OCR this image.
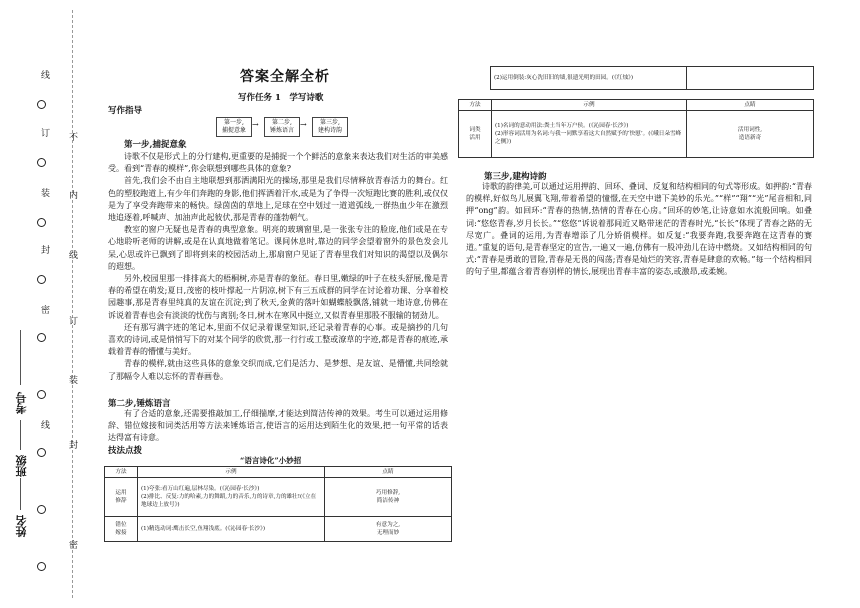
线
订
装
封
密
线
不
内
线
订
装
封
密
考号
班级
姓名
答案全解全析
写作任务 1　学写诗歌
写作指导
第一步,
捕捉意象
→	第二步,
锤炼语言
→	第三步,
建构诗韵
第一步,捕捉意象

诗歌不仅是形式上的分行建构,更重要的是捕捉一个个鲜活的意象来表达我们对生活的审美感受。看到“青春的模样”,你会联想到哪些具体的意象?

首先,我们会不由自主地联想到那洒满阳光的操场,那里是我们尽情释放青春活力的舞台。红色的塑胶跑道上,有少年们奔跑的身影,他们挥洒着汗水,或是为了争得一次短跑比赛的胜利,或仅仅是为了享受奔跑带来的畅快。绿茵茵的草地上,足球在空中划过一道道弧线,一群热血少年在激烈地追逐着,呼喊声、加油声此起彼伏,那是青春的蓬勃朝气。

教室的窗户无疑也是青春的典型意象。明亮的玻璃窗里,是一张张专注的脸庞,他们或是在专心地聆听老师的讲解,或是在认真地做着笔记。课间休息时,靠边的同学会望着窗外的景色发会儿呆,心思或许已飘到了即将到来的校园活动上,那扇窗户见证了青春里我们对知识的渴望以及偶尔的遐想。

另外,校园里那一排排高大的梧桐树,亦是青春的象征。春日里,嫩绿的叶子在枝头舒展,像是青春的希望在萌发;夏日,茂密的枝叶撑起一片阴凉,树下有三五成群的同学在讨论着功课、分享着校园趣事,那是青春里纯真的友谊在沉淀;到了秋天,金黄的落叶如蝴蝶般飘落,铺就一地诗意,仿佛在诉说着青春也会有淡淡的忧伤与离别;冬日,树木在寒风中挺立,又似青春里那股不服输的韧劲儿。

还有那写满字迹的笔记本,里面不仅记录着课堂知识,还记录着青春的心事。或是摘抄的几句喜欢的诗词,或是悄悄写下的对某个同学的欣赏,那一行行或工整或潦草的字迹,都是青春的痕迹,承载着青春的懵懂与美好。

青春的模样,就由这些具体的意象交织而成,它们是活力、是梦想、是友谊、是懵懂,共同绘就了那幅令人难以忘怀的青春画卷。

第二步,锤炼语言

有了合适的意象,还需要推敲加工,仔细揣摩,才能达到简洁传神的效果。考生可以通过运用修辞、错位嫁接和词类活用等方法来锤炼语言,使语言的运用达到陌生化的效果,把一句平常的话表达得富有诗意。

技法点拨
“语言诗化”小妙招
方法	示例	点睛
运用
修辞	(1)夸张:看万山红遍,层林尽染。(《沁园春·长沙》)
(2)排比、反复:力的哈素,力的舞蹈,力的音乐,力的诗章,力的雄壮!(《立在地球边上放号》)	巧用修辞,
简洁传神
错位
嫁接	(1)精选动词:鹰击长空,鱼翔浅底。(《沁园春·长沙》)	有意为之,
无理而妙
	(2)运用倒装:灰心洗旧旧的墙,很遗光明的田园。(《红烛》)	
方法	示例	点睛
词类
活用	(1)名词的意动用法:粪土当年万户侯。(《沁园春·长沙》)
(2)形容词活用为名词:与我一同默享着这大自然赋予的‘快慰’。(《峨日朵雪峰之侧》)	活用词性,
造语新奇
第三步,建构诗韵

诗歌的韵律美,可以通过运用押韵、回环、叠词、反复和结构相同的句式等形成。如押韵:“青春的模样,好似鸟儿展翼飞翔,带着希望的憧憬,在天空中谱下美妙的乐光。”“样”“翔”“光”尾音相和,同押“ong”韵。如回环:“青春的热情,热情的青春在心房。”回环的妙笔,让诗意如水流般回响。如叠词:“悠悠青春,岁月长长。”“悠悠”诉说着那间近又略带迷茫的青春时光,“长长”体现了青春之路的无尽宽广。叠词的运用,为青春增添了几分娇俏模样。如反复:“我要奔跑,我要奔跑在这青春的赛道。”重复的语句,是青春坚定的宣告,一遍又一遍,仿佛有一股冲劲儿在诗中燃烧。又如结构相同的句式:“青春是勇敢的冒险,青春是无畏的闯荡;青春是灿烂的笑容,青春是肆意的欢畅。”每一个结构相同的句子里,都蕴含着青春别样的情长,展现出青春丰富的姿态,或激昂,或柔婉。
